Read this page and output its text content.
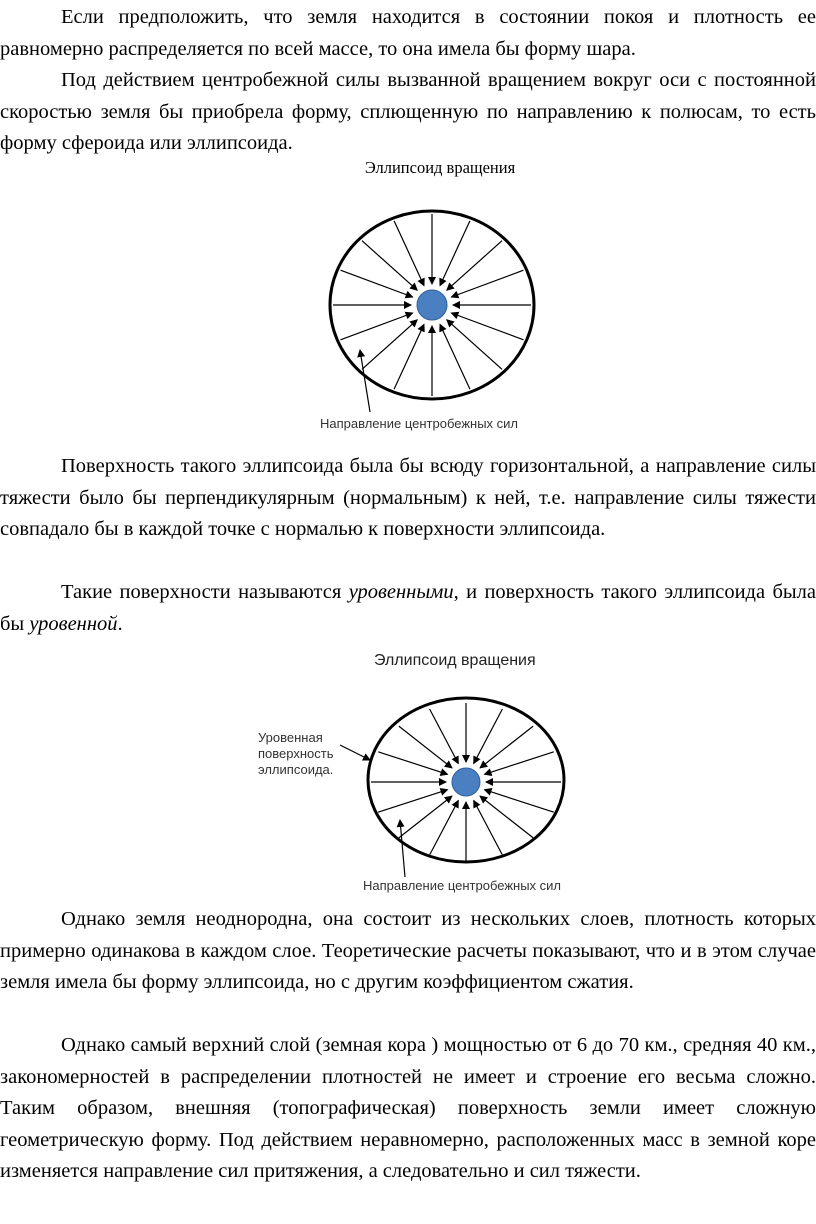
Если предположить, что земля находится в состоянии покоя и плотность ее равномерно распределяется по всей массе, то она имела бы форму шара.

Под действием центробежной силы вызванной вращением вокруг оси с постоянной скоростью земля бы приобрела форму, сплющенную по направлению к полюсам, то есть форму сфероида или эллипсоида.

Эллипсоид вращения
Направление центробежных сил

Поверхность такого эллипсоида была бы всюду горизонтальной, а направление силы тяжести было бы перпендикулярным (нормальным) к ней, т.е. направление силы тяжести совпадало бы в каждой точке с нормалью к поверхности эллипсоида.

Такие поверхности называются уровенными, и поверхность такого эллипсоида была бы уровенной.

Эллипсоид вращения
Уровенная
поверхность
эллипсоида.
Направление центробежных сил

Однако земля неоднородна, она состоит из нескольких слоев, плотность которых примерно одинакова в каждом слое. Теоретические расчеты показывают, что и в этом случае земля имела бы форму эллипсоида, но с другим коэффициентом сжатия.

Однако самый верхний слой (земная кора ) мощностью от 6 до 70 км., средняя 40 км., закономерностей в распределении плотностей не имеет и строение его весьма сложно. Таким образом, внешняя (топографическая) поверхность земли имеет сложную геометрическую форму. Под действием неравномерно, расположенных масс в земной коре изменяется направление сил притяжения, а следовательно и сил тяжести.
